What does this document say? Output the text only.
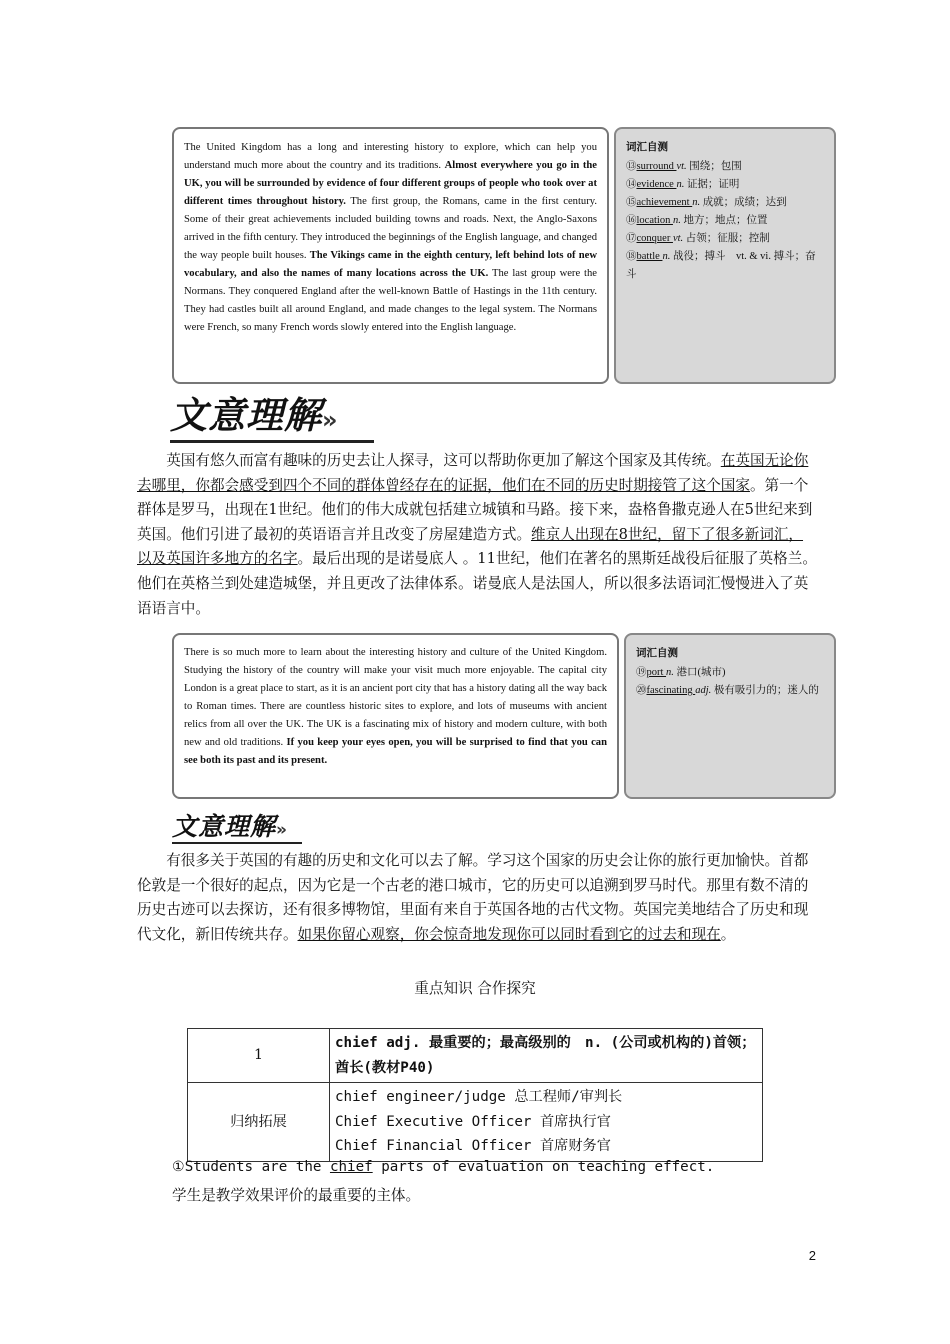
The United Kingdom has a long and interesting history to explore, which can help you understand much more about the country and its traditions. Almost everywhere you go in the UK, you will be surrounded by evidence of four different groups of people who took over at different times throughout history. The first group, the Romans, came in the first century. Some of their great achievements included building towns and roads. Next, the Anglo-Saxons arrived in the fifth century. They introduced the beginnings of the English language, and changed the way people built houses. The Vikings came in the eighth century, left behind lots of new vocabulary, and also the names of many locations across the UK. The last group were the Normans. They conquered England after the well-known Battle of Hastings in the 11th century. They had castles built all around England, and made changes to the legal system. The Normans were French, so many French words slowly entered into the English language.

词汇自测
⑬surround vt. 围绕；包围
⑭evidence n. 证据；证明
⑮achievement n. 成就；成绩；达到
⑯location n. 地方；地点；位置
⑰conquer vt. 占领；征服；控制
⑱battle n. 战役；搏斗　vt. & vi. 搏斗；奋斗
文意理解»

英国有悠久而富有趣味的历史去让人探寻，这可以帮助你更加了解这个国家及其传统。在英国无论你去哪里，你都会感受到四个不同的群体曾经存在的证据，他们在不同的历史时期接管了这个国家。第一个群体是罗马，出现在1世纪。他们的伟大成就包括建立城镇和马路。接下来，盎格鲁撒克逊人在5世纪来到英国。他们引进了最初的英语语言并且改变了房屋建造方式。维京人出现在8世纪，留下了很多新词汇，以及英国许多地方的名字。最后出现的是诺曼底人 。11世纪，他们在著名的黑斯廷战役后征服了英格兰。他们在英格兰到处建造城堡，并且更改了法律体系。诺曼底人是法国人，所以很多法语词汇慢慢进入了英语语言中。

There is so much more to learn about the interesting history and culture of the United Kingdom. Studying the history of the country will make your visit much more enjoyable. The capital city London is a great place to start, as it is an ancient port city that has a history dating all the way back to Roman times. There are countless historic sites to explore, and lots of museums with ancient relics from all over the UK. The UK is a fascinating mix of history and modern culture, with both new and old traditions. If you keep your eyes open, you will be surprised to find that you can see both its past and its present.

词汇自测
⑲port n. 港口(城市)
⑳fascinating adj. 极有吸引力的；迷人的
文意理解»

有很多关于英国的有趣的历史和文化可以去了解。学习这个国家的历史会让你的旅行更加愉快。首都伦敦是一个很好的起点，因为它是一个古老的港口城市，它的历史可以追溯到罗马时代。那里有数不清的历史古迹可以去探访，还有很多博物馆，里面有来自于英国各地的古代文物。英国完美地结合了历史和现代文化，新旧传统共存。如果你留心观察，你会惊奇地发现你可以同时看到它的过去和现在。

重点知识 合作探究
1	chief adj. 最重要的；最高级别的　n. (公司或机构的)首领；酋长(教材P40)
归纳拓展	chief engineer/judge 总工程师/审判长
Chief Executive Officer 首席执行官
Chief Financial Officer 首席财务官
①Students are the chief parts of evaluation on teaching effect.
学生是教学效果评价的最重要的主体。
2
